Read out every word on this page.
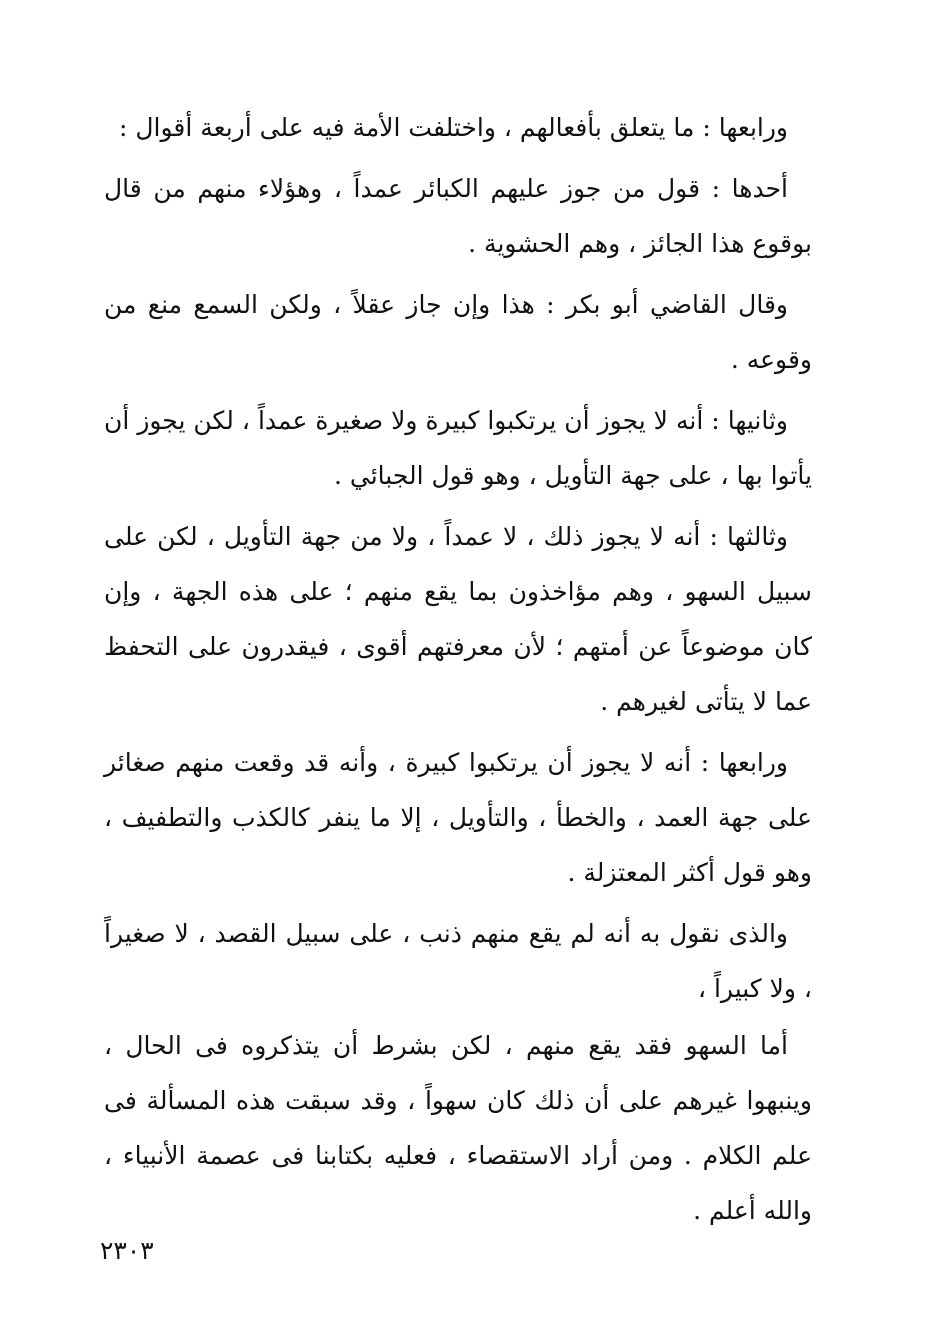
ورابعها : ما يتعلق بأفعالهم ، واختلفت الأمة فيه على أربعة أقوال :

أحدها : قول من جوز عليهم الكبائر عمداً ، وهؤلاء منهم من قال بوقوع هذا الجائز ، وهم الحشوية .

وقال القاضي أبو بكر : هذا وإن جاز عقلاً ، ولكن السمع منع من وقوعه .

وثانيها : أنه لا يجوز أن يرتكبوا كبيرة ولا صغيرة عمداً ، لكن يجوز أن يأتوا بها ، على جهة التأويل ، وهو قول الجبائي .

وثالثها : أنه لا يجوز ذلك ، لا عمداً ، ولا من جهة التأويل ، لكن على سبيل السهو ، وهم مؤاخذون بما يقع منهم ؛ على هذه الجهة ، وإن كان موضوعاً عن أمتهم ؛ لأن معرفتهم أقوى ، فيقدرون على التحفظ عما لا يتأتى لغيرهم .

ورابعها : أنه لا يجوز أن يرتكبوا كبيرة ، وأنه قد وقعت منهم صغائر على جهة العمد ، والخطأ ، والتأويل ، إلا ما ينفر كالكذب والتطفيف ، وهو قول أكثر المعتزلة .

والذى نقول به أنه لم يقع منهم ذنب ، على سبيل القصد ، لا صغيراً ، ولا كبيراً ،

أما السهو فقد يقع منهم ، لكن بشرط أن يتذكروه فى الحال ، وينبهوا غيرهم على أن ذلك كان سهواً ، وقد سبقت هذه المسألة فى علم الكلام . ومن أراد الاستقصاء ، فعليه بكتابنا فى عصمة الأنبياء ، والله أعلم .

٢٣٠٣
